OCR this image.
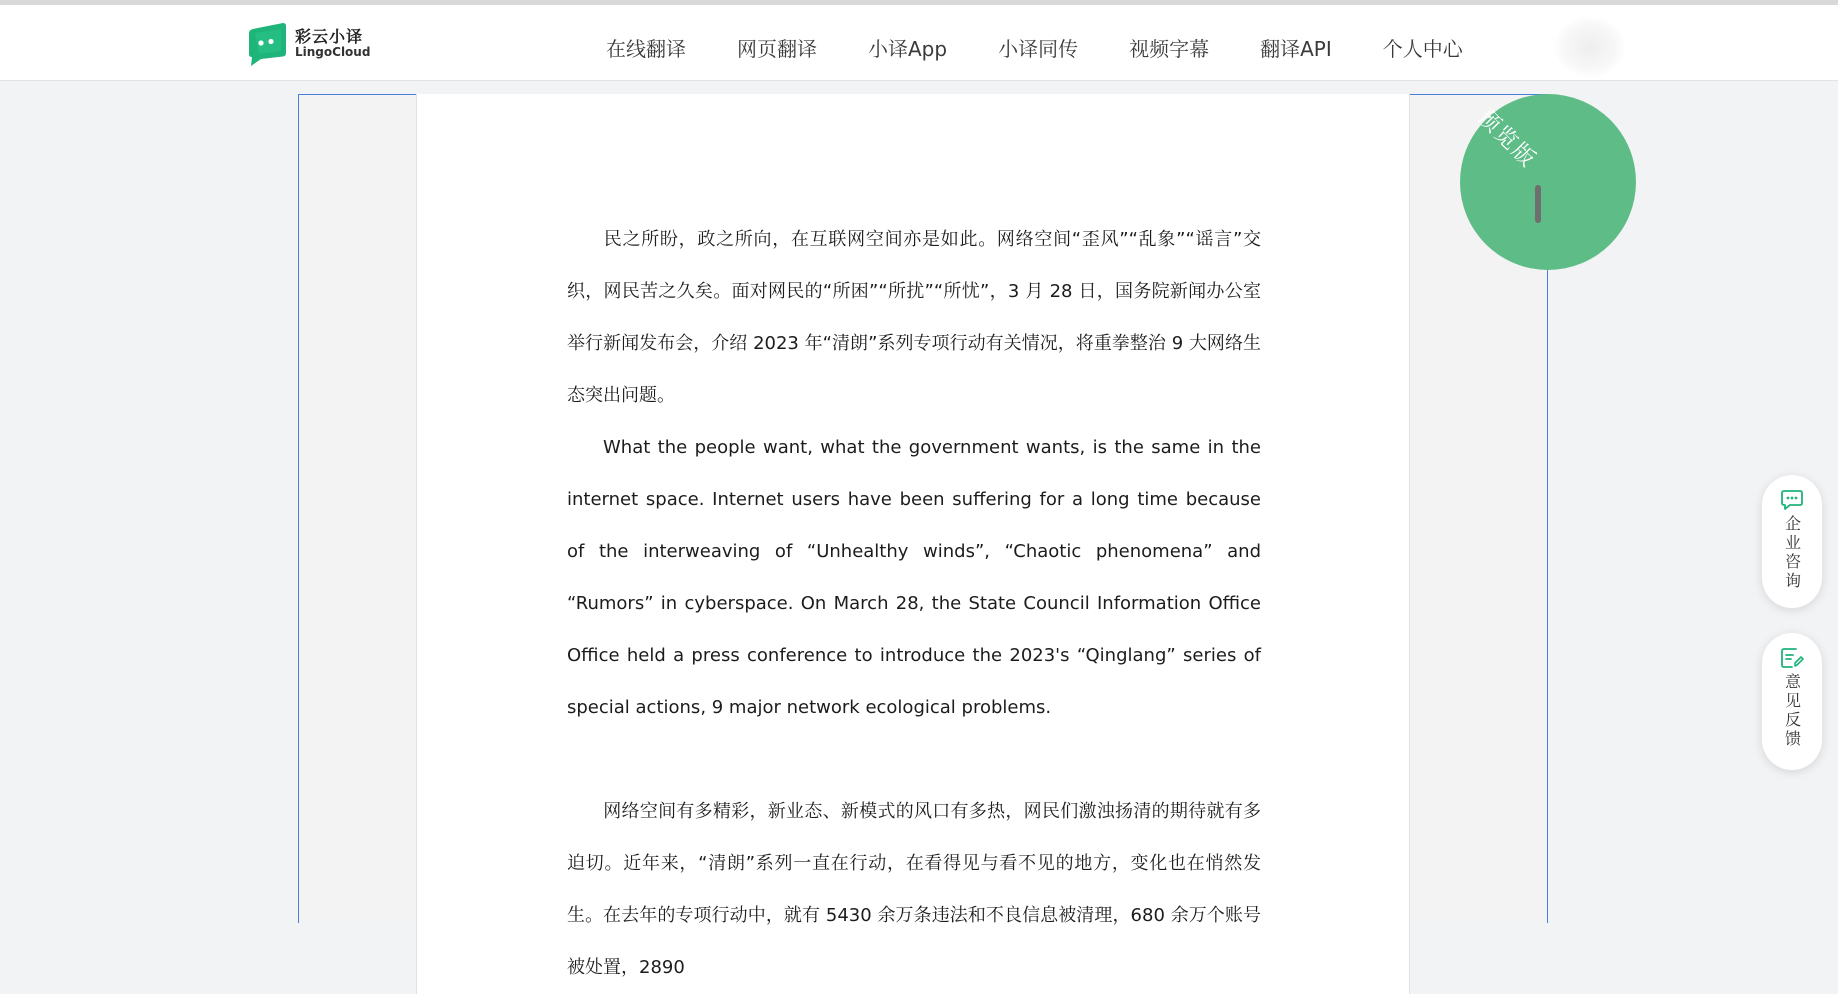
彩云小译
LingoCloud	在线翻译	网页翻译	小译App	小译同传	视频字幕	翻译API	个人中心

民之所盼，政之所向，在互联网空间亦是如此。网络空间“歪风”“乱象”“谣言”交织，网民苦之久矣。面对网民的“所困”“所扰”“所忧”，3 月 28 日，国务院新闻办公室举行新闻发布会，介绍 2023 年“清朗”系列专项行动有关情况，将重拳整治 9 大网络生态突出问题。

What the people want, what the government wants, is the same in the internet space. Internet users have been suffering for a long time because of the interweaving of “Unhealthy winds”, “Chaotic phenomena” and “Rumors” in cyberspace. On March 28, the State Council Information Office Office held a press conference to introduce the 2023's “Qinglang” series of special actions, 9 major network ecological problems.

网络空间有多精彩，新业态、新模式的风口有多热，网民们激浊扬清的期待就有多迫切。近年来，“清朗”系列一直在行动，在看得见与看不见的地方，变化也在悄然发生。在去年的专项行动中，就有 5430 余万条违法和不良信息被清理，680 余万个账号被处置，2890

预览版
企业咨询
意见反馈
